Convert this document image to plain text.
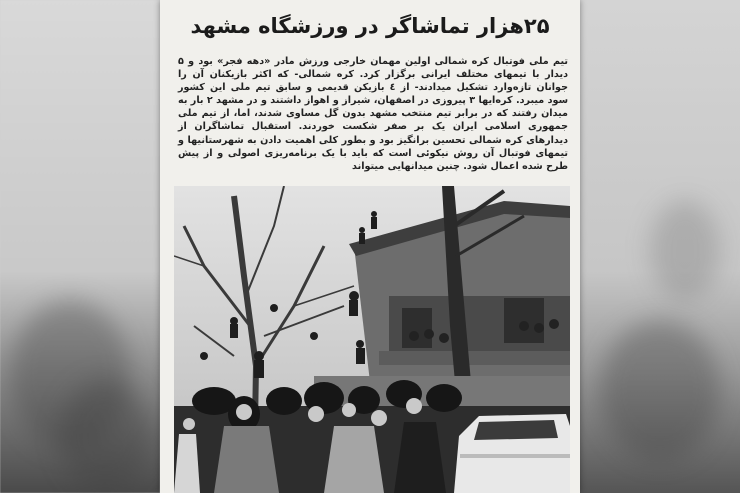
۲۵هزار تماشاگر در ورزشگاه مشهد

تیم ملی فوتبال کره شمالی اولین مهمان خارجی ورزش مادر «دهه فجر» بود و ۵ دیدار با تیمهای مختلف ایرانی برگزار کرد. کره شمالی- که اکثر بازیکنان آن را جوانان تازه‌وارد تشکیل میدادند- از ٤ بازیکن قدیمی و سابق تیم ملی این کشور سود میبرد. کره‌ایها ۳ پیروزی در اصفهان، شیراز و اهواز داشتند و در مشهد ۲ بار به میدان رفتند که در برابر تیم منتخب مشهد بدون گل مساوی شدند، اما، از تیم ملی جمهوری اسلامی ایران یک بر صفر شکست خوردند. استقبال تماشاگران از دیدارهای کره شمالی تحسین برانگیز بود و بطور کلی اهمیت دادن به شهرستانیها و تیمهای فوتبال آن روش نیکوئی است که باید با یک برنامه‌ریزی اصولی و از پیش طرح شده اعمال شود. چنین میدانهایی میتواند
